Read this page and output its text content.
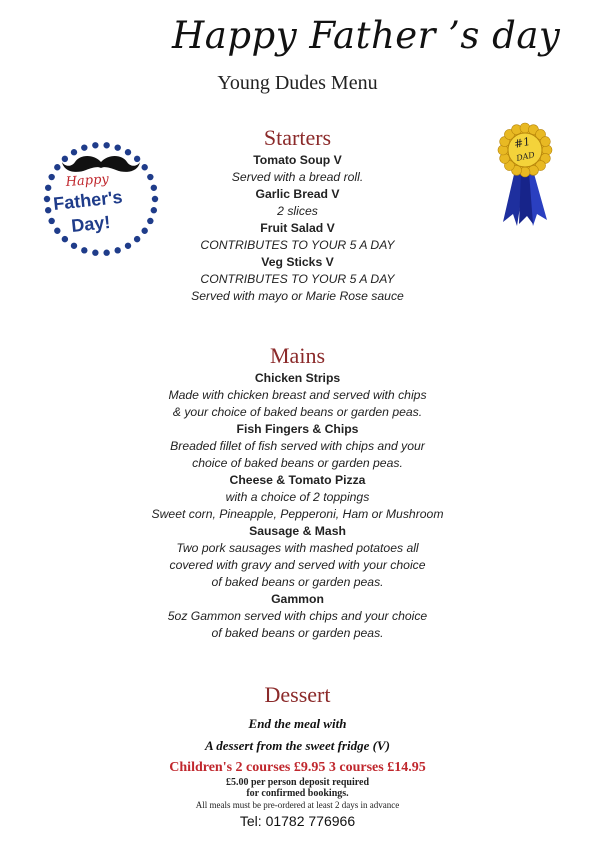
Happy Father ’s day
Young Dudes Menu
Happy
Father's
Day!
#1
DAD
Starters
Tomato Soup V
Served with a bread roll.
Garlic Bread V
2 slices
Fruit Salad V
CONTRIBUTES TO YOUR 5 A DAY
Veg Sticks V
CONTRIBUTES TO YOUR 5 A DAY
Served with mayo or Marie Rose sauce
Mains
Chicken Strips
Made with chicken breast and served with chips
& your choice of baked beans or garden peas.
Fish Fingers & Chips
Breaded fillet of fish served with chips and your
choice of baked beans or garden peas.
Cheese & Tomato Pizza
with a choice of 2 toppings
Sweet corn, Pineapple, Pepperoni, Ham or Mushroom
Sausage & Mash
Two pork sausages with mashed potatoes all
covered with gravy and served with your choice
of baked beans or garden peas.
Gammon
5oz Gammon served with chips and your choice
of baked beans or garden peas.
Dessert
End the meal with
A dessert from the sweet fridge (V)
Children's 2 courses £9.95 3 courses £14.95
£5.00 per person deposit required
for confirmed bookings.
All meals must be pre-ordered at least 2 days in advance
Tel: 01782 776966
